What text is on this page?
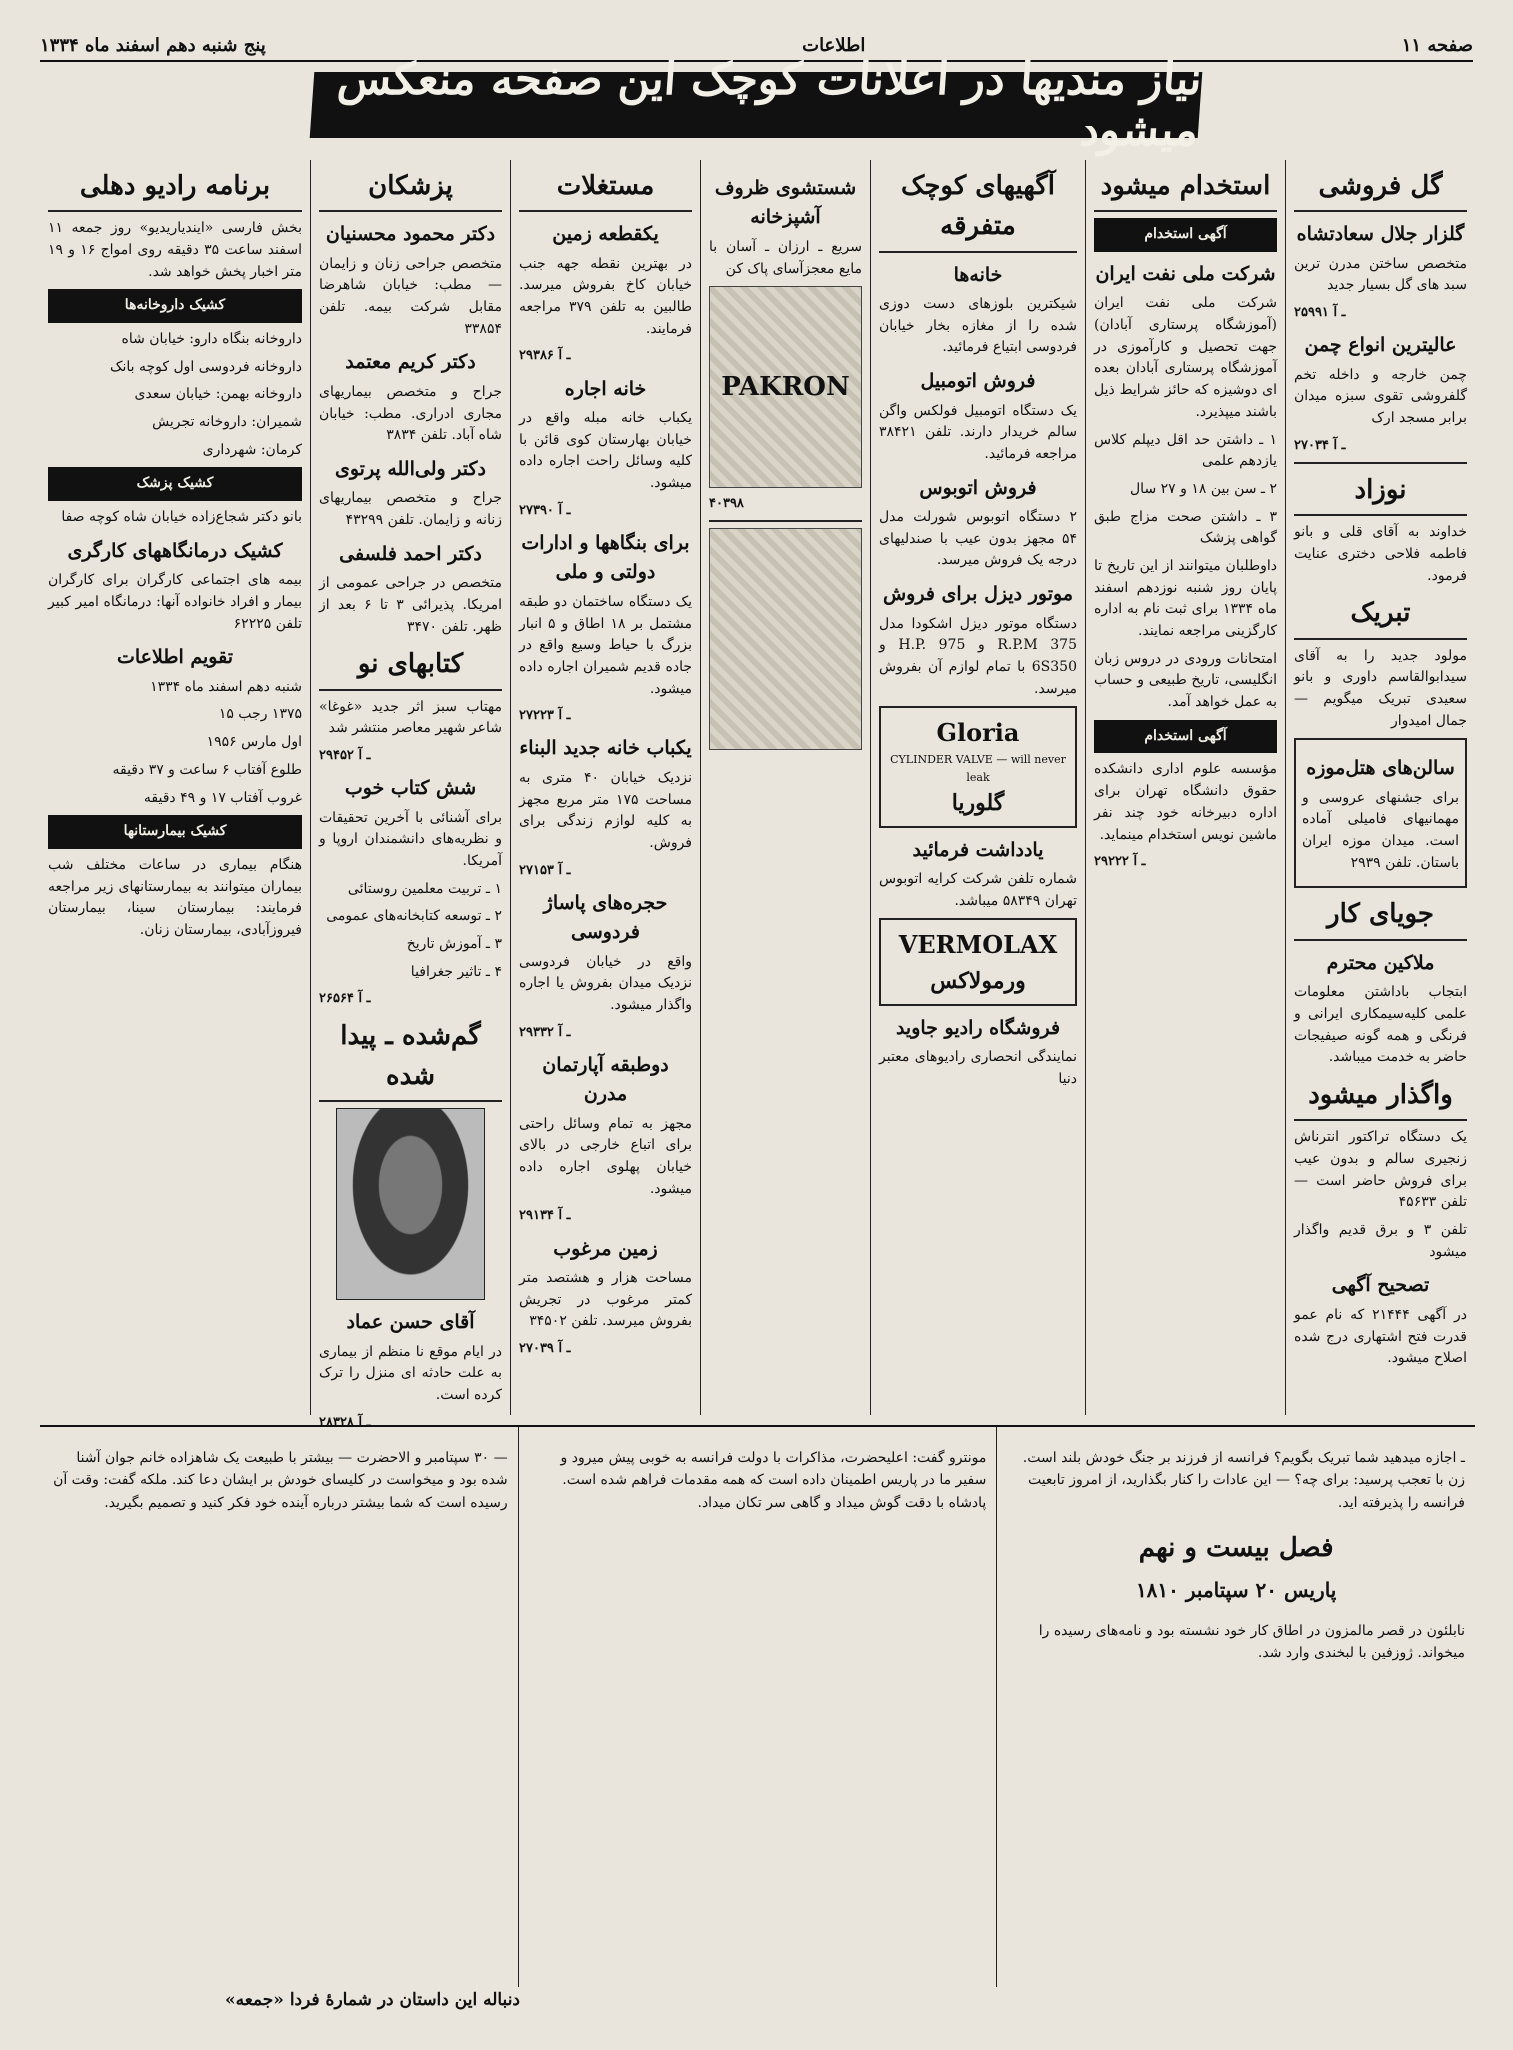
صفحه ۱۱
اطلاعات
پنج شنبه دهم اسفند ماه ۱۳۳۴
نیاز مندیها در اعلانات کوچک این صفحه منعکس میشود
گل فروشی
گلزار جلال سعادتشاه

متخصص ساختن مدرن ترین سبد های گل بسیار جدید

۲۵۹۹۱ ـ آ
عالیترین انواع چمن

چمن خارجه و داخله تخم گلفروشی تقوی سبزه میدان برابر مسجد ارک

۲۷۰۳۴ ـ آ
نوزاد

خداوند به آقای قلی و بانو فاطمه فلاحی دختری عنایت فرمود.

تبریک

مولود جدید را به آقای سیدابوالقاسم داوری و بانو سعیدی تبریک میگویم — جمال امیدوار

سالن‌های هتل‌موزه

برای جشنهای عروسی و مهمانیهای فامیلی آماده است. میدان موزه ایران باستان. تلفن ۲۹۳۹

جویای کار
ملاکین محترم

ابتجاب باداشتن معلومات علمی کلیه‌سیمکاری ایرانی و فرنگی و همه گونه صیفیجات حاضر به خدمت میباشد.

واگذار میشود

یک دستگاه تراکتور انترناش زنجیری سالم و بدون عیب برای فروش حاضر است — تلفن ۴۵۶۳۳

تلفن ۳ و برق قدیم واگذار میشود

تصحیح آگهی

در آگهی ۲۱۴۴۴ که نام عمو قدرت فتح اشتهاری درج شده اصلاح میشود.

استخدام میشود
آگهی استخدام
شرکت ملی نفت ایران

شرکت ملی نفت ایران (آموزشگاه پرستاری آبادان) جهت تحصیل و کارآموزی در آموزشگاه پرستاری آبادان بعده ای دوشیزه که حائز شرایط ذیل باشند میپذیرد.

۱ ـ داشتن حد اقل دیپلم کلاس یازدهم علمی

۲ ـ سن بین ۱۸ و ۲۷ سال

۳ ـ داشتن صحت مزاج طبق گواهی پزشک

داوطلبان میتوانند از این تاریخ تا پایان روز شنبه نوزدهم اسفند ماه ۱۳۳۴ برای ثبت نام به اداره کارگزینی مراجعه نمایند.

امتحانات ورودی در دروس زبان انگلیسی، تاریخ طبیعی و حساب به عمل خواهد آمد.

آگهی استخدام

مؤسسه علوم اداری دانشکده حقوق دانشگاه تهران برای اداره دبیرخانه خود چند نفر ماشین نویس استخدام مینماید.

۲۹۲۲۲ ـ آ
آگهیهای کوچک متفرقه
خانه‌ها

شیکترین بلوزهای دست دوزی شده را از مغازه بخار خیابان فردوسی ابتیاع فرمائید.

فروش اتومبیل

یک دستگاه اتومبیل فولکس واگن سالم خریدار دارند. تلفن ۳۸۴۲۱ مراجعه فرمائید.

فروش اتوبوس

۲ دستگاه اتوبوس شورلت مدل ۵۴ مجهز بدون عیب با صندلیهای درجه یک فروش میرسد.

موتور دیزل برای فروش

دستگاه موتور دیزل اشکودا مدل R.P.M 375 و H.P. 975 و 6S350 با تمام لوازم آن بفروش میرسد.

Gloria
CYLINDER VALVE — will never leak
گلوریا
یادداشت فرمائید

شماره تلفن شرکت کرایه اتوبوس تهران ۵۸۳۴۹ میباشد.

VERMOLAX
ورمولاکس
فروشگاه رادیو جاوید

نمایندگی انحصاری رادیوهای معتبر دنیا

شستشوی ظروف آشپزخانه

سریع ـ ارزان ـ آسان با مایع معجزآسای پاک کن

PAKRON
۴۰۳۹۸
مستغلات
یکقطعه زمین

در بهترین نقطه جهه جنب خیابان کاخ بفروش میرسد. طالبین به تلفن ۳۷۹ مراجعه فرمایند.

۲۹۳۸۶ ـ آ
خانه اجاره

یکباب خانه مبله واقع در خیابان بهارستان کوی قائن با کلیه وسائل راحت اجاره داده میشود.

۲۷۳۹۰ ـ آ
برای بنگاهها و ادارات دولتی و ملی

یک دستگاه ساختمان دو طبقه مشتمل بر ۱۸ اطاق و ۵ انبار بزرگ با حیاط وسیع واقع در جاده قدیم شمیران اجاره داده میشود.

۲۷۲۲۳ ـ آ
یکباب خانه جدید البناء

نزدیک خیابان ۴۰ متری به مساحت ۱۷۵ متر مربع مجهز به کلیه لوازم زندگی برای فروش.

۲۷۱۵۳ ـ آ
حجره‌های پاساژ فردوسی

واقع در خیابان فردوسی نزدیک میدان بفروش یا اجاره واگذار میشود.

۲۹۳۳۲ ـ آ
دوطبقه آپارتمان مدرن

مجهز به تمام وسائل راحتی برای اتباع خارجی در بالای خیابان پهلوی اجاره داده میشود.

۲۹۱۳۴ ـ آ
زمین مرغوب

مساحت هزار و هشتصد متر کمتر مرغوب در تجریش بفروش میرسد. تلفن ۳۴۵۰۲

۲۷۰۳۹ ـ آ
پزشکان
دکتر محمود محسنیان

متخصص جراحی زنان و زایمان — مطب: خیابان شاهرضا مقابل شرکت بیمه. تلفن ۳۳۸۵۴

دکتر کریم معتمد

جراح و متخصص بیماریهای مجاری ادراری. مطب: خیابان شاه آباد. تلفن ۳۸۳۴

دکتر ولی‌الله پرتوی

جراح و متخصص بیماریهای زنانه و زایمان. تلفن ۴۳۲۹۹

دکتر احمد فلسفی

متخصص در جراحی عمومی از امریکا. پذیرائی ۳ تا ۶ بعد از ظهر. تلفن ۳۴۷۰

کتابهای نو

مهتاب سبز اثر جدید «غوغا» شاعر شهیر معاصر منتشر شد

۲۹۴۵۲ ـ آ
شش کتاب خوب

برای آشنائی با آخرین تحقیقات و نظریه‌های دانشمندان اروپا و آمریکا.

۱ ـ تربیت معلمین روستائی

۲ ـ توسعه کتابخانه‌های عمومی

۳ ـ آموزش تاریخ

۴ ـ تاثیر جغرافیا

۲۶۵۶۴ ـ آ
گم‌شده ـ پیدا شده
آقای حسن عماد

در ایام موقع نا منظم از بیماری به علت حادثه ای منزل را ترک کرده است.

۲۸۳۲۸ ـ آ
برنامه رادیو دهلی

بخش فارسی «ایندیاریدیو» روز جمعه ۱۱ اسفند ساعت ۳۵ دقیقه روی امواج ۱۶ و ۱۹ متر اخبار پخش خواهد شد.

کشیک داروخانه‌ها

داروخانه بنگاه دارو: خیابان شاه

داروخانه فردوسی اول کوچه بانک

داروخانه بهمن: خیابان سعدی

شمیران: داروخانه تجریش

کرمان: شهرداری

کشیک پزشک

بانو دکتر شجاع‌زاده خیابان شاه کوچه صفا

کشیک درمانگاههای کارگری

بیمه های اجتماعی کارگران برای کارگران بیمار و افراد خانواده آنها: درمانگاه امیر کبیر تلفن ۶۲۲۲۵

تقویم اطلاعات

شنبه دهم اسفند ماه ۱۳۳۴

۱۳۷۵ رجب ۱۵

اول مارس ۱۹۵۶

طلوع آفتاب ۶ ساعت و ۳۷ دقیقه

غروب آفتاب ۱۷ و ۴۹ دقیقه

کشیک بیمارستانها

هنگام بیماری در ساعات مختلف شب بیماران میتوانند به بیمارستانهای زیر مراجعه فرمایند: بیمارستان سینا، بیمارستان فیروزآبادی، بیمارستان زنان.

ـ اجازه میدهید شما تبریک بگویم؟ فرانسه از فرزند بر جنگ خودش بلند است. زن با تعجب پرسید: برای چه؟ — این عادات را کنار بگذارید، از امروز تابعیت فرانسه را پذیرفته اید.

فصل بیست و نهم
پاریس ۲۰ سپتامبر ۱۸۱۰

نابلئون در قصر مالمزون در اطاق کار خود نشسته بود و نامه‌های رسیده را میخواند. ژوزفین با لبخندی وارد شد.

مونترو گفت: اعلیحضرت، مذاکرات با دولت فرانسه به خوبی پیش میرود و سفیر ما در پاریس اطمینان داده است که همه مقدمات فراهم شده است. پادشاه با دقت گوش میداد و گاهی سر تکان میداد.

— ۳۰ سپتامبر و الاحضرت — بیشتر با طبیعت یک شاهزاده خانم جوان آشنا شده بود و میخواست در کلیسای خودش بر ایشان دعا کند. ملکه گفت: وقت آن رسیده است که شما بیشتر درباره آینده خود فکر کنید و تصمیم بگیرید.

دنباله این داستان در شمارهٔ فردا «جمعه»
